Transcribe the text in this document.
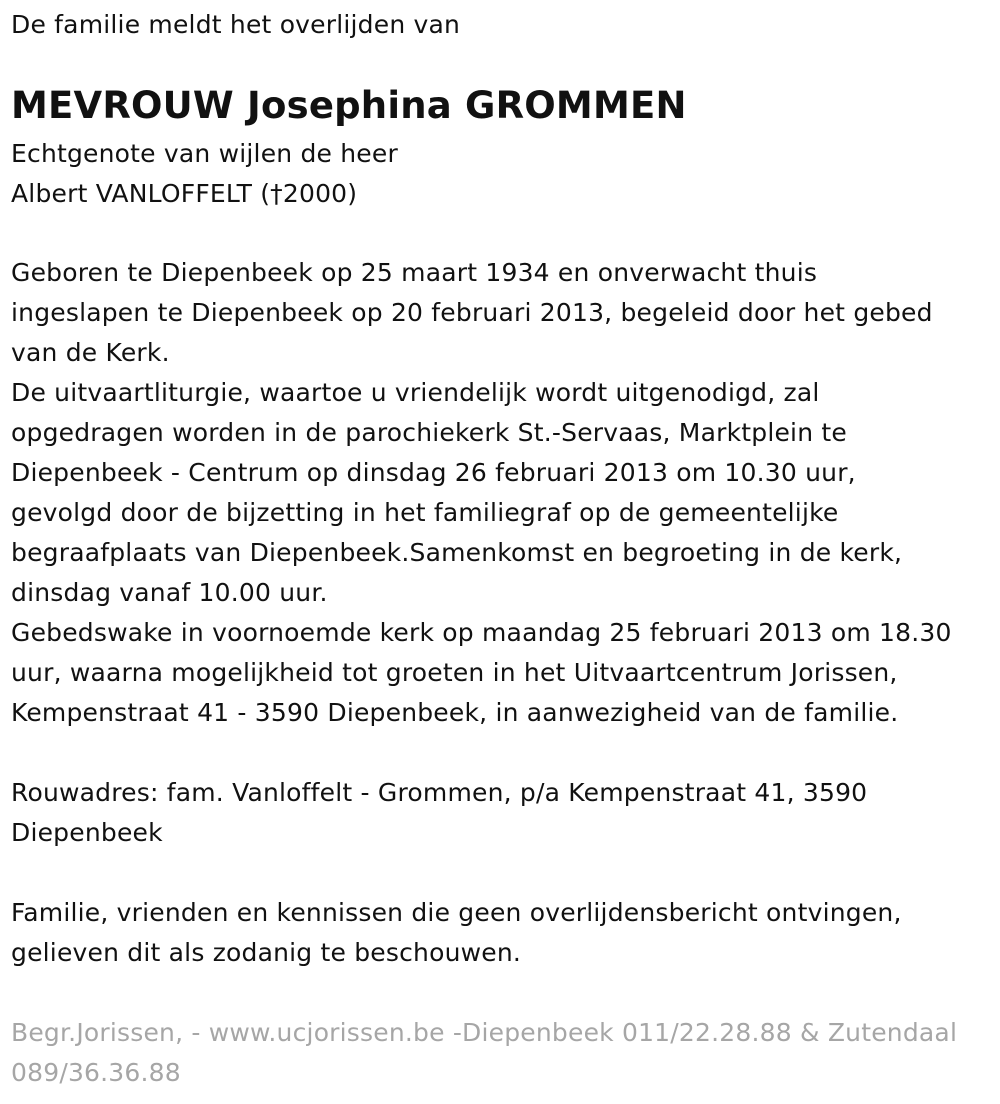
De familie meldt het overlijden van
MEVROUW Josephina GROMMEN
Echtgenote van wijlen de heer
Albert VANLOFFELT (†2000)
Geboren te Diepenbeek op 25 maart 1934 en onverwacht thuis
ingeslapen te Diepenbeek op 20 februari 2013, begeleid door het gebed
van de Kerk.
De uitvaartliturgie, waartoe u vriendelijk wordt uitgenodigd, zal
opgedragen worden in de parochiekerk St.-Servaas, Marktplein te
Diepenbeek - Centrum op dinsdag 26 februari 2013 om 10.30 uur,
gevolgd door de bijzetting in het familiegraf op de gemeentelijke
begraafplaats van Diepenbeek.Samenkomst en begroeting in de kerk,
dinsdag vanaf 10.00 uur.
Gebedswake in voornoemde kerk op maandag 25 februari 2013 om 18.30
uur, waarna mogelijkheid tot groeten in het Uitvaartcentrum Jorissen,
Kempenstraat 41 - 3590 Diepenbeek, in aanwezigheid van de familie.
Rouwadres: fam. Vanloffelt - Grommen, p/a Kempenstraat 41, 3590
Diepenbeek
Familie, vrienden en kennissen die geen overlijdensbericht ontvingen,
gelieven dit als zodanig te beschouwen.
Begr.Jorissen, - www.ucjorissen.be -Diepenbeek 011/22.28.88 & Zutendaal
089/36.36.88
